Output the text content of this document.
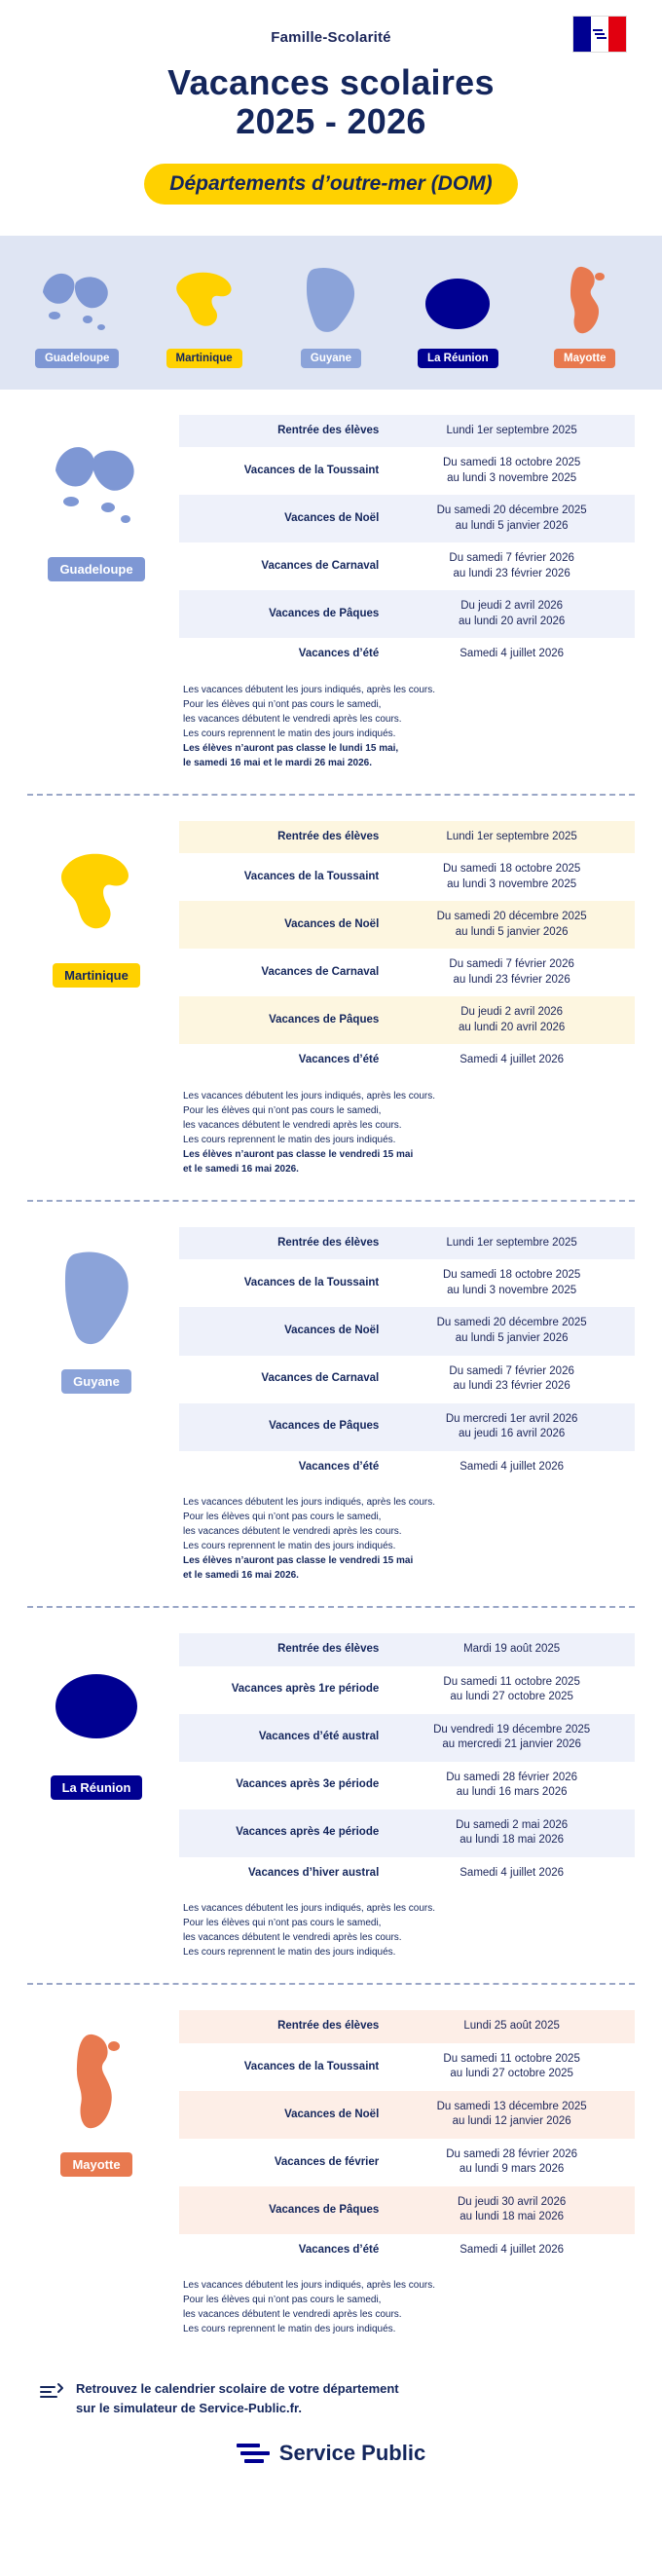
Famille-Scolarité
Vacances scolaires
2025 - 2026
Départements d’outre-mer (DOM)
Guadeloupe	Martinique	Guyane	La Réunion	Mayotte
Guadeloupe
Rentrée des élèves	Lundi 1er septembre 2025

Vacances de la Toussaint	Du samedi 18 octobre 2025
au lundi 3 novembre 2025

Vacances de Noël	Du samedi 20 décembre 2025
au lundi 5 janvier 2026

Vacances de Carnaval	Du samedi 7 février 2026
au lundi 23 février 2026

Vacances de Pâques	Du jeudi 2 avril 2026
au lundi 20 avril 2026

Vacances d’été	Samedi 4 juillet 2026
Les vacances débutent les jours indiqués, après les cours.
Pour les élèves qui n’ont pas cours le samedi,
les vacances débutent le vendredi après les cours.
Les cours reprennent le matin des jours indiqués.
Les élèves n’auront pas classe le lundi 15 mai,
le samedi 16 mai et le mardi 26 mai 2026.
Martinique
Rentrée des élèves	Lundi 1er septembre 2025

Vacances de la Toussaint	Du samedi 18 octobre 2025
au lundi 3 novembre 2025

Vacances de Noël	Du samedi 20 décembre 2025
au lundi 5 janvier 2026

Vacances de Carnaval	Du samedi 7 février 2026
au lundi 23 février 2026

Vacances de Pâques	Du jeudi 2 avril 2026
au lundi 20 avril 2026

Vacances d’été	Samedi 4 juillet 2026
Les vacances débutent les jours indiqués, après les cours.
Pour les élèves qui n’ont pas cours le samedi,
les vacances débutent le vendredi après les cours.
Les cours reprennent le matin des jours indiqués.
Les élèves n’auront pas classe le vendredi 15 mai
et le samedi 16 mai 2026.
Guyane
Rentrée des élèves	Lundi 1er septembre 2025

Vacances de la Toussaint	Du samedi 18 octobre 2025
au lundi 3 novembre 2025

Vacances de Noël	Du samedi 20 décembre 2025
au lundi 5 janvier 2026

Vacances de Carnaval	Du samedi 7 février 2026
au lundi 23 février 2026

Vacances de Pâques	Du mercredi 1er avril 2026
au jeudi 16 avril 2026

Vacances d’été	Samedi 4 juillet 2026
Les vacances débutent les jours indiqués, après les cours.
Pour les élèves qui n’ont pas cours le samedi,
les vacances débutent le vendredi après les cours.
Les cours reprennent le matin des jours indiqués.
Les élèves n’auront pas classe le vendredi 15 mai
et le samedi 16 mai 2026.
La Réunion
Rentrée des élèves	Mardi 19 août 2025

Vacances après 1re période	Du samedi 11 octobre 2025
au lundi 27 octobre 2025

Vacances d’été austral	Du vendredi 19 décembre 2025
au mercredi 21 janvier 2026

Vacances après 3e période	Du samedi 28 février 2026
au lundi 16 mars 2026

Vacances après 4e période	Du samedi 2 mai 2026
au lundi 18 mai 2026

Vacances d’hiver austral	Samedi 4 juillet 2026
Les vacances débutent les jours indiqués, après les cours.
Pour les élèves qui n’ont pas cours le samedi,
les vacances débutent le vendredi après les cours.
Les cours reprennent le matin des jours indiqués.
Mayotte
Rentrée des élèves	Lundi 25 août 2025

Vacances de la Toussaint	Du samedi 11 octobre 2025
au lundi 27 octobre 2025

Vacances de Noël	Du samedi 13 décembre 2025
au lundi 12 janvier 2026

Vacances de février	Du samedi 28 février 2026
au lundi 9 mars 2026

Vacances de Pâques	Du jeudi 30 avril 2026
au lundi 18 mai 2026

Vacances d’été	Samedi 4 juillet 2026
Les vacances débutent les jours indiqués, après les cours.
Pour les élèves qui n’ont pas cours le samedi,
les vacances débutent le vendredi après les cours.
Les cours reprennent le matin des jours indiqués.
Retrouvez le calendrier scolaire de votre département
sur le simulateur de Service-Public.fr.
Service Public
